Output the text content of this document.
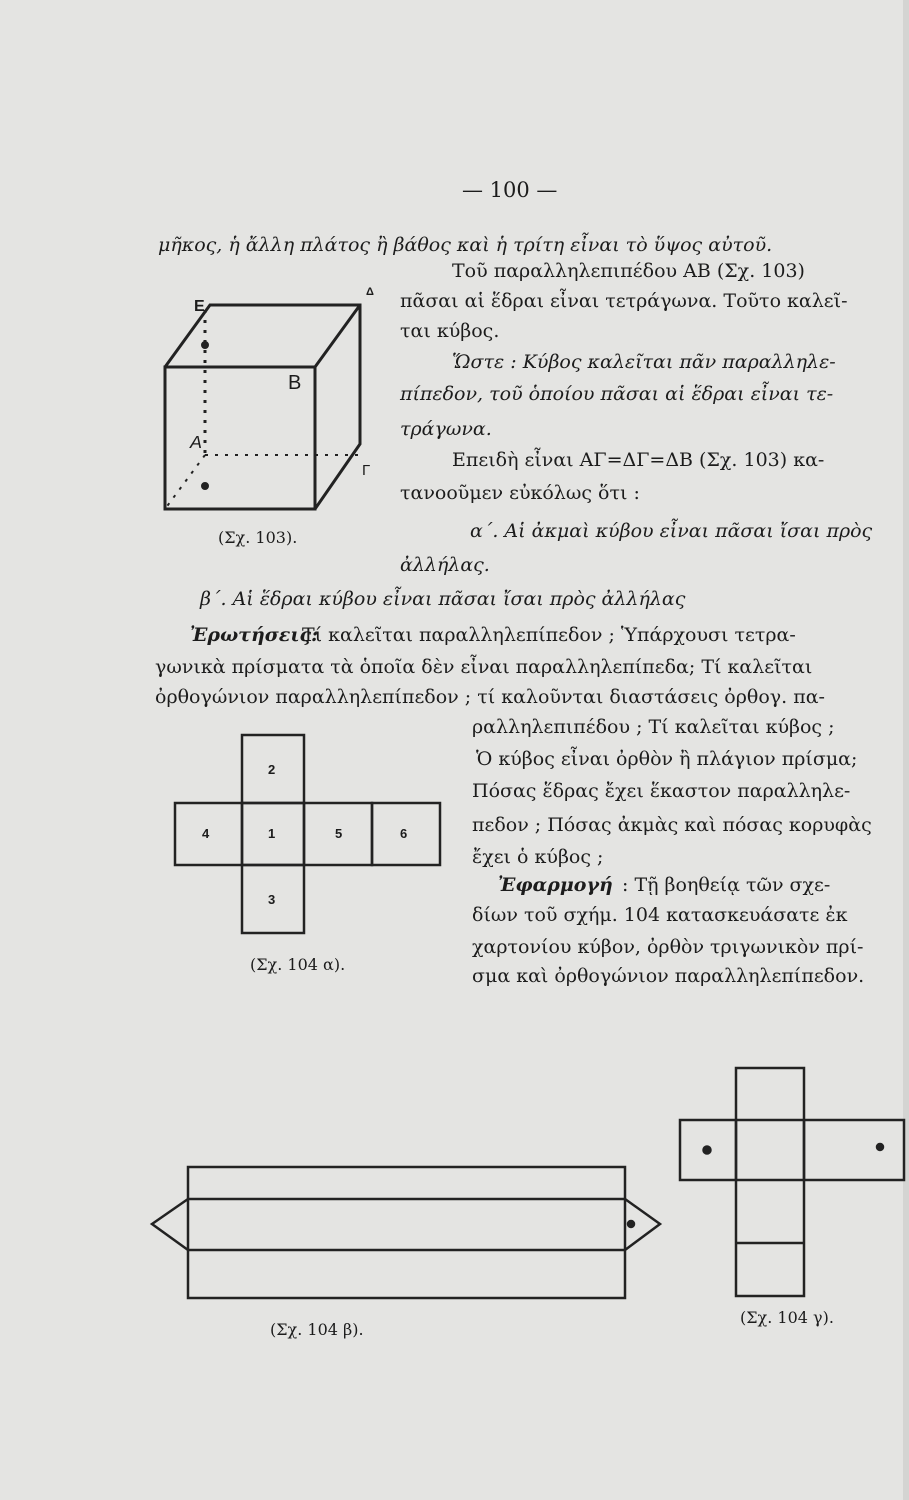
— 100 —
μῆκος, ἡ ἄλλη πλάτος ἢ βάθος καὶ ἡ τρίτη εἶναι τὸ ὕψος αὐτοῦ.
Τοῦ παραλληλεπιπέδου ΑΒ (Σχ. 103)
πᾶσαι αἱ ἕδραι εἶναι τετράγωνα. Τοῦτο καλεῖ-
ται κύβος.
Ὥστε : Κύβος καλεῖται πᾶν παραλληλε-
πίπεδον, τοῦ ὁποίου πᾶσαι αἱ ἕδραι εἶναι τε-
τράγωνα.
Επειδὴ εἶναι ΑΓ=ΔΓ=ΔΒ (Σχ. 103) κα-
τανοοῦμεν εὐκόλως ὅτι :
α΄. Αἱ ἀκμαὶ κύβου εἶναι πᾶσαι ἴσαι πρὸς
ἀλλήλας.
β΄. Αἱ ἕδραι κύβου εἶναι πᾶσαι ἴσαι πρὸς ἀλλήλας
Ἐρωτήσεις:
Τί καλεῖται παραλληλεπίπεδον ; Ὑπάρχουσι τετρα-
γωνικὰ πρίσματα τὰ ὁποῖα δὲν εἶναι παραλληλεπίπεδα; Τί καλεῖται
ὀρθογώνιον παραλληλεπίπεδον ; τί καλοῦνται διαστάσεις ὀρθογ. πα-
ραλληλεπιπέδου ; Τί καλεῖται κύβος ;
Ὁ κύβος εἶναι ὀρθὸν ἢ πλάγιον πρίσμα;
Πόσας ἕδρας ἔχει ἕκαστον παραλληλε-
πεδον ; Πόσας ἀκμὰς καὶ πόσας κορυφὰς
ἔχει ὁ κύβος ;
Ἐφαρμογή : Τῇ βοηθείᾳ τῶν σχε-
δίων τοῦ σχήμ. 104 κατασκευάσατε ἐκ
χαρτονίου κύβον, ὀρθὸν τριγωνικὸν πρί-
σμα καὶ ὀρθογώνιον παραλληλεπίπεδον.
(Σχ. 103).
(Σχ. 104 α).
(Σχ. 104 β).
(Σχ. 104 γ).
Ε
Β
Α
Γ
Δ
1
2
3
4	5	6
